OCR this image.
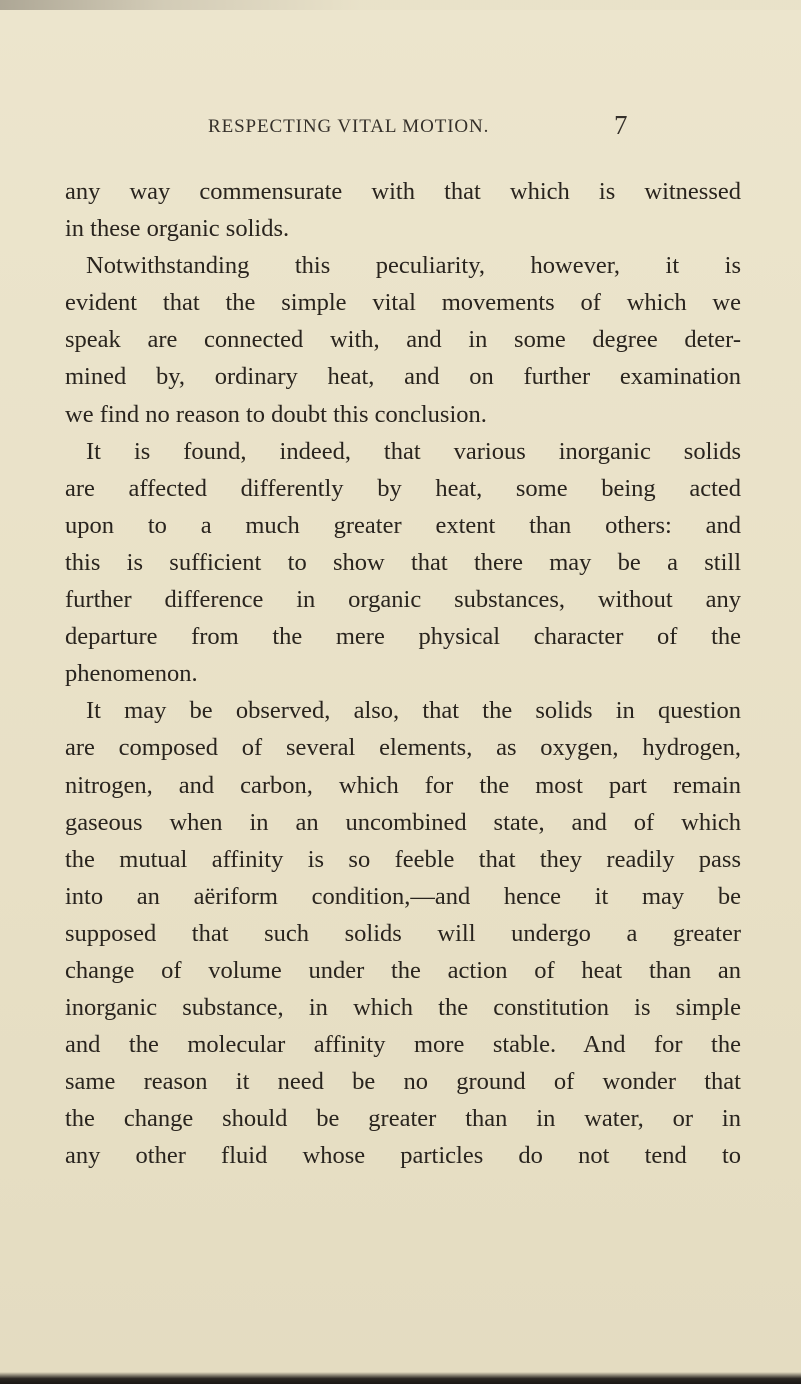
RESPECTING VITAL MOTION.	7
any way commensurate with that which is witnessed
in these organic solids.
Notwithstanding this peculiarity, however, it is
evident that the simple vital movements of which we
speak are connected with, and in some degree deter-
mined by, ordinary heat, and on further examination
we find no reason to doubt this conclusion.
It is found, indeed, that various inorganic solids
are affected differently by heat, some being acted
upon to a much greater extent than others: and
this is sufficient to show that there may be a still
further difference in organic substances, without any
departure from the mere physical character of the
phenomenon.
It may be observed, also, that the solids in question
are composed of several elements, as oxygen, hydrogen,
nitrogen, and carbon, which for the most part remain
gaseous when in an uncombined state, and of which
the mutual affinity is so feeble that they readily pass
into an aëriform condition,—and hence it may be
supposed that such solids will undergo a greater
change of volume under the action of heat than an
inorganic substance, in which the constitution is simple
and the molecular affinity more stable. And for the
same reason it need be no ground of wonder that
the change should be greater than in water, or in
any other fluid whose particles do not tend to
